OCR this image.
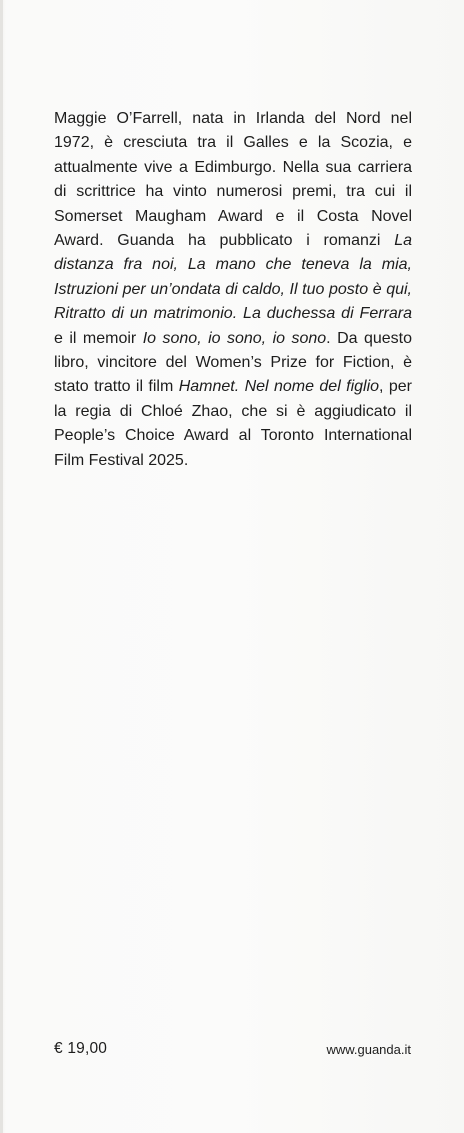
Maggie O’Farrell, nata in Irlanda del Nord nel 1972, è cresciuta tra il Galles e la Scozia, e attualmente vive a Edimburgo. Nella sua carriera di scrittrice ha vinto numerosi premi, tra cui il Somerset Maugham Award e il Costa Novel Award. Guanda ha pubblicato i romanzi La distanza fra noi, La mano che teneva la mia, Istruzioni per un’ondata di caldo, Il tuo posto è qui, Ritratto di un matrimonio. La duchessa di Ferrara e il memoir Io sono, io sono, io sono. Da questo libro, vincitore del Women’s Prize for Fiction, è stato tratto il film Hamnet. Nel nome del figlio, per la regia di Chloé Zhao, che si è aggiudicato il People’s Choice Award al Toronto International Film Festival 2025.

€ 19,00	www.guanda.it
